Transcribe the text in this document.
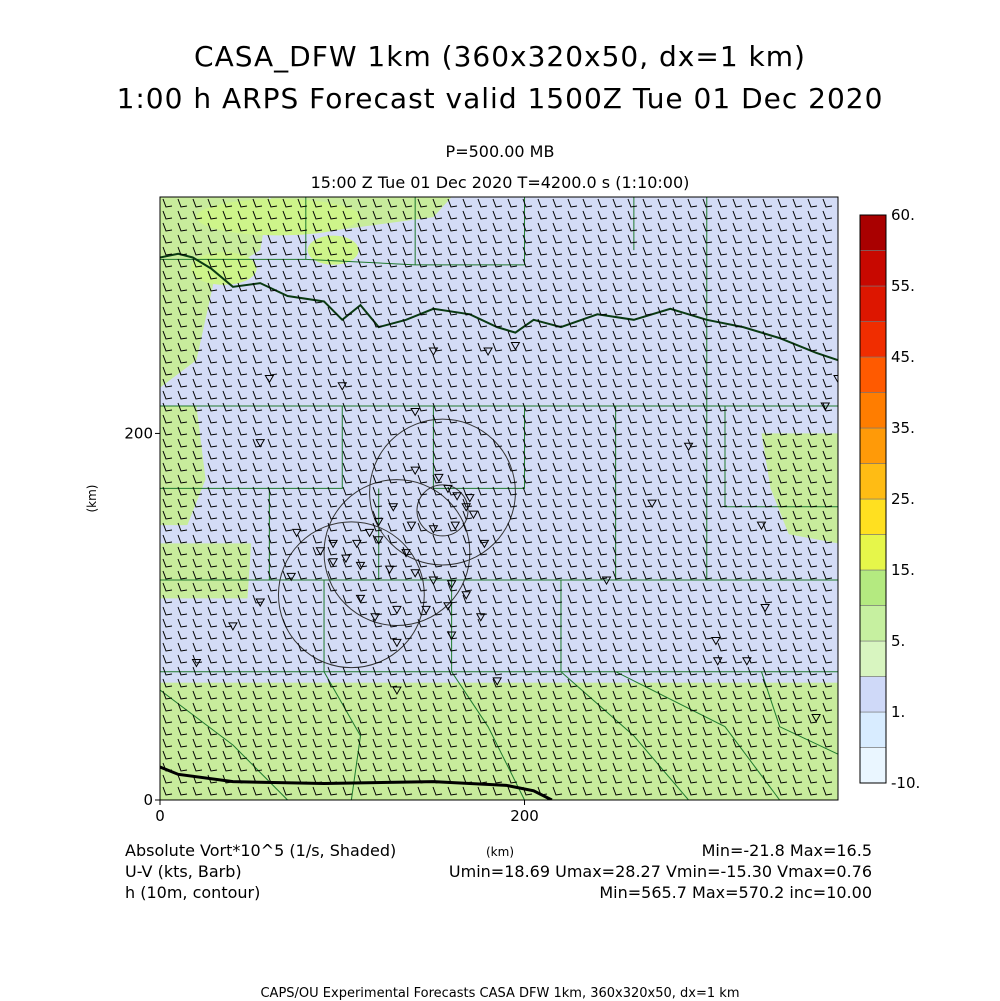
CASA_DFW 1km (360x320x50, dx=1 km)
1:00 h ARPS Forecast valid 1500Z Tue 01 Dec 2020
P=500.00 MB
15:00 Z Tue 01 Dec 2020 T=4200.0 s (1:10:00)
0	200
0
200
(km)
60.
55.
45.
35.
25.
15.
5.
1.
-10.
Absolute Vort*10^5 (1/s, Shaded)
U-V (kts, Barb)
h (10m, contour)
(km)	Min=-21.8 Max=16.5
Umin=18.69 Umax=28.27 Vmin=-15.30 Vmax=0.76
Min=565.7 Max=570.2 inc=10.00
CAPS/OU Experimental Forecasts CASA DFW 1km, 360x320x50, dx=1 km
